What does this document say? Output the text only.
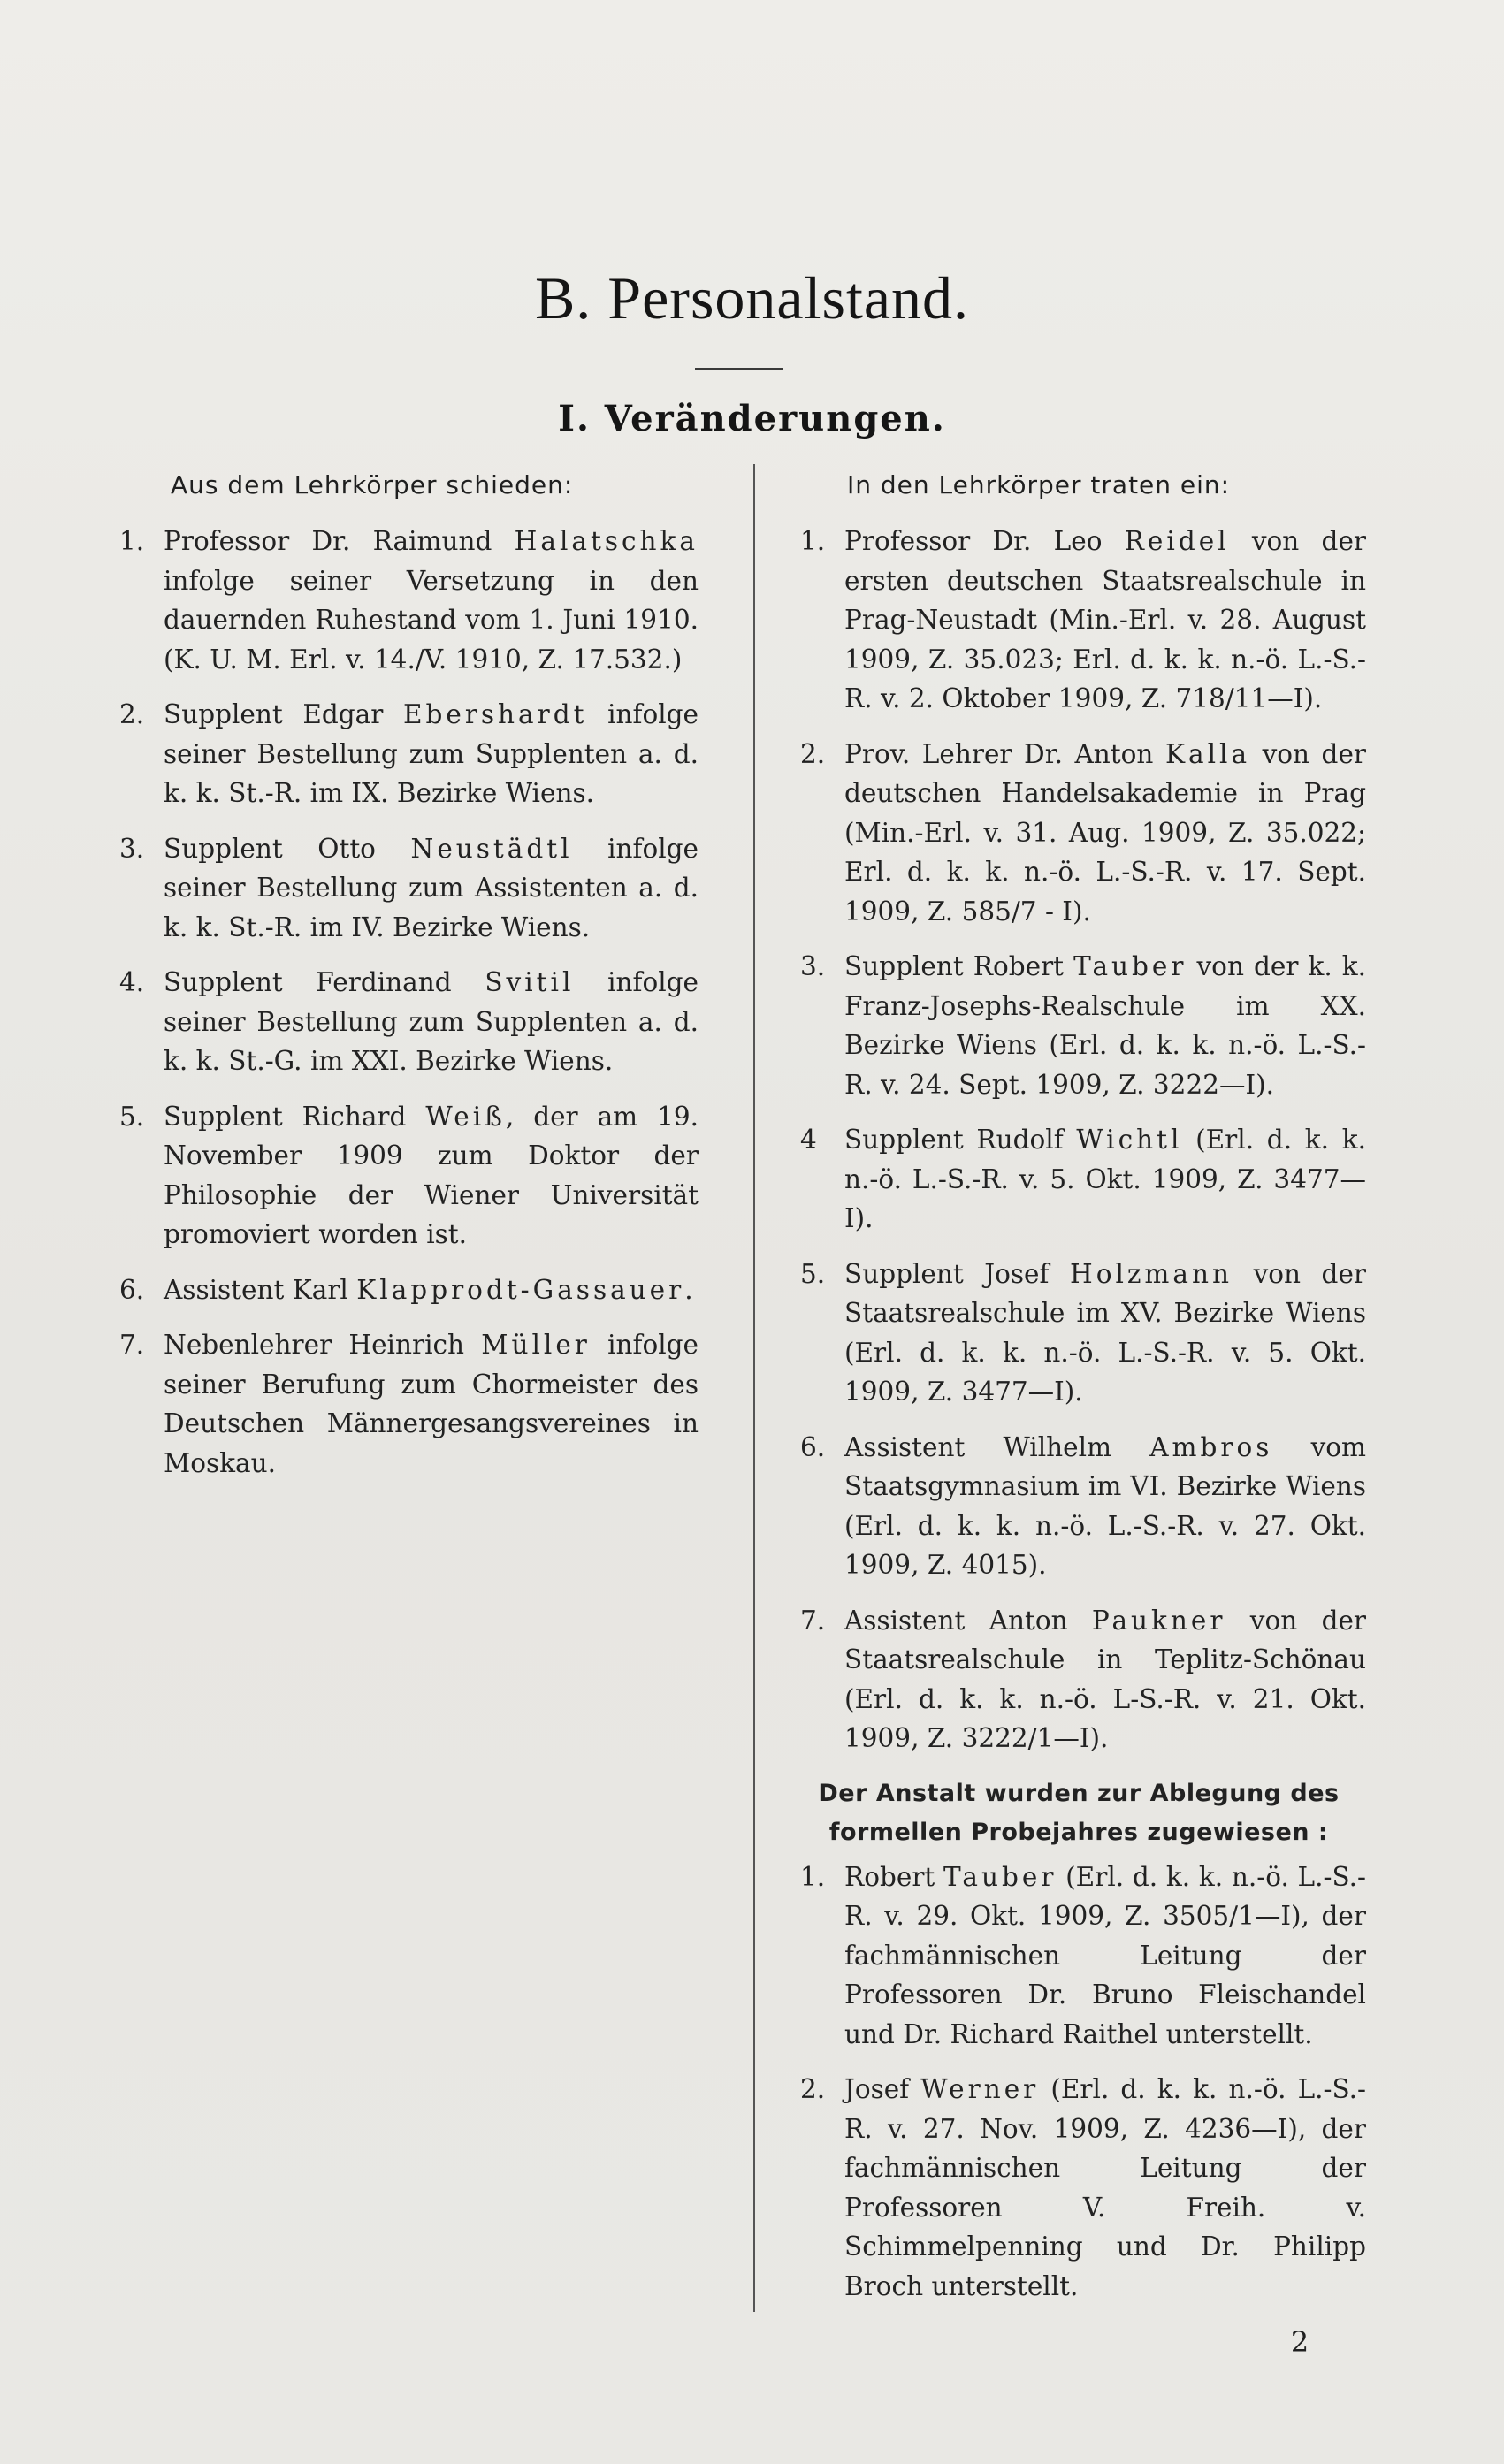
B. Personalstand.
I. Veränderungen.
Aus dem Lehrkörper schieden:	In den Lehrkörper traten ein:
1. Professor Dr. Raimund Halatschka infolge seiner Versetzung in den dauernden Ruhestand vom 1. Juni 1910. (K. U. M. Erl. v. 14./V. 1910, Z. 17.532.)
2. Supplent Edgar Ebershardt infolge seiner Bestellung zum Supplenten a. d. k. k. St.-R. im IX. Bezirke Wiens.
3. Supplent Otto Neustädtl infolge seiner Bestellung zum Assistenten a. d. k. k. St.-R. im IV. Bezirke Wiens.
4. Supplent Ferdinand Svitil infolge seiner Bestellung zum Supplenten a. d. k. k. St.-G. im XXI. Bezirke Wiens.
5. Supplent Richard Weiß, der am 19. November 1909 zum Doktor der Philosophie der Wiener Universität promoviert worden ist.
6. Assistent Karl Klapprodt-Gassauer.
7. Nebenlehrer Heinrich Müller infolge seiner Berufung zum Chormeister des Deutschen Männergesangsvereines in Moskau.
1. Professor Dr. Leo Reidel von der ersten deutschen Staatsrealschule in Prag-Neustadt (Min.-Erl. v. 28. August 1909, Z. 35.023; Erl. d. k. k. n.-ö. L.-S.-R. v. 2. Oktober 1909, Z. 718/11—I).
2. Prov. Lehrer Dr. Anton Kalla von der deutschen Handelsakademie in Prag (Min.-Erl. v. 31. Aug. 1909, Z. 35.022; Erl. d. k. k. n.-ö. L.-S.-R. v. 17. Sept. 1909, Z. 585/7 - I).
3. Supplent Robert Tauber von der k. k. Franz-Josephs-Realschule im XX. Bezirke Wiens (Erl. d. k. k. n.-ö. L.-S.-R. v. 24. Sept. 1909, Z. 3222—I).
4	Supplent Rudolf Wichtl (Erl. d. k. k. n.-ö. L.-S.-R. v. 5. Okt. 1909, Z. 3477—I).
5. Supplent Josef Holzmann von der Staatsrealschule im XV. Bezirke Wiens (Erl. d. k. k. n.-ö. L.-S.-R. v. 5. Okt. 1909, Z. 3477—I).
6. Assistent Wilhelm Ambros vom Staatsgymnasium im VI. Bezirke Wiens (Erl. d. k. k. n.-ö. L.-S.-R. v. 27. Okt. 1909, Z. 4015).
7. Assistent Anton Paukner von der Staatsrealschule in Teplitz-Schönau (Erl. d. k. k. n.-ö. L-S.-R. v. 21. Okt. 1909, Z. 3222/1—I).
Der Anstalt wurden zur Ablegung des formellen Probejahres zugewiesen :
1. Robert Tauber (Erl. d. k. k. n.-ö. L.-S.-R. v. 29. Okt. 1909, Z. 3505/1—I), der fachmännischen Leitung der Professoren Dr. Bruno Fleischandel und Dr. Richard Raithel unterstellt.
2. Josef Werner (Erl. d. k. k. n.-ö. L.-S.-R. v. 27. Nov. 1909, Z. 4236—I), der fachmännischen Leitung der Professoren V. Freih. v. Schimmelpenning und Dr. Philipp Broch unterstellt.
2
